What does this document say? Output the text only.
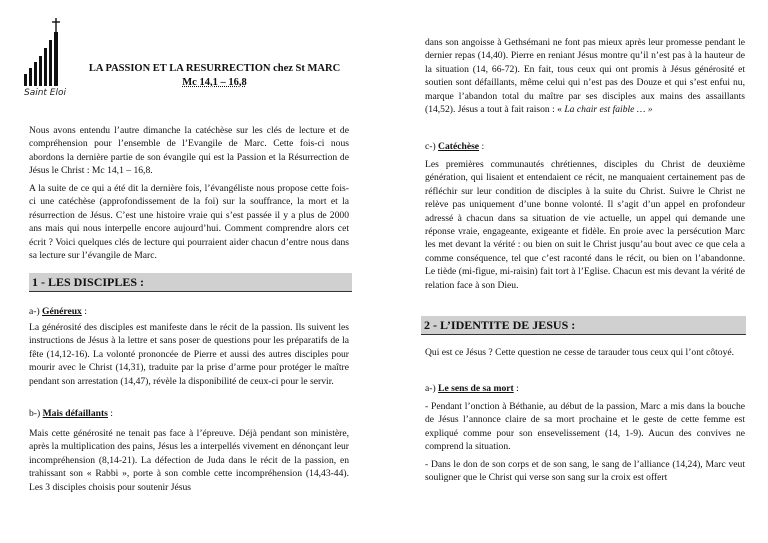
Saint Eloi
LA PASSION ET LA RESURRECTION chez St MARC
Mc 14,1 – 16,8

Nous avons entendu l’autre dimanche la catéchèse sur les clés de lecture et de compréhension pour l’ensemble de l’Evangile de Marc. Cette fois-ci nous abordons la dernière partie de son évangile qui est la Passion et la Résurrection de Jésus le Christ : Mc 14,1 – 16,8.

A la suite de ce qui a été dit la dernière fois, l’évangéliste nous propose cette fois-ci une catéchèse (approfondissement de la foi) sur la souffrance, la mort et la résurrection de Jésus. C’est une histoire vraie qui s’est passée il y a plus de 2000 ans mais qui nous interpelle encore aujourd’hui. Comment comprendre alors cet écrit ? Voici quelques clés de lecture qui pourraient aider chacun d’entre nous dans sa lecture sur l’évangile de Marc.

1 - LES DISCIPLES :

a-) Généreux :

La générosité des disciples est manifeste dans le récit de la passion. Ils suivent les instructions de Jésus à la lettre et sans poser de questions pour les préparatifs de la fête (14,12-16). La volonté prononcée de Pierre et aussi des autres disciples pour mourir avec le Christ (14,31), traduite par la prise d’arme pour protéger le maître pendant son arrestation (14,47), révèle la disponibilité de ceux-ci pour le servir.

b-) Mais défaillants :

Mais cette générosité ne tenait pas face à l’épreuve. Déjà pendant son ministère, après la multiplication des pains, Jésus les a interpellés vivement en dénonçant leur incompréhension (8,14-21). La défection de Juda dans le récit de la passion, en trahissant son « Rabbi », porte à son comble cette incompréhension (14,43-44). Les 3 disciples choisis pour soutenir Jésus

dans son angoisse à Gethsémani ne font pas mieux après leur promesse pendant le dernier repas (14,40). Pierre en reniant Jésus montre qu’il n’est pas à la hauteur de la situation (14, 66-72). En fait, tous ceux qui ont promis à Jésus générosité et soutien sont défaillants, même celui qui n’est pas des Douze et qui s’est enfui nu, marque l’abandon total du maître par ses disciples aux mains des assaillants (14,52). Jésus a tout à fait raison : « La chair est faible … »

c-) Catéchèse :

Les premières communautés chrétiennes, disciples du Christ de deuxième génération, qui lisaient et entendaient ce récit, ne manquaient certainement pas de réfléchir sur leur condition de disciples à la suite du Christ. Suivre le Christ ne relève pas uniquement d’une bonne volonté. Il s’agit d’un appel en profondeur adressé à chacun dans sa situation de vie actuelle, un appel qui demande une réponse vraie, engageante, exigeante et fidèle. En proie avec la persécution Marc les met devant la vérité : ou bien on suit le Christ jusqu’au bout avec ce que cela a comme conséquence, tel que c’est raconté dans le récit, ou bien on l’abandonne. Le tiède (mi-figue, mi-raisin) fait tort à l’Eglise. Chacun est mis devant la vérité de relation face à son Dieu.

2 - L’IDENTITE DE JESUS :

Qui est ce Jésus ? Cette question ne cesse de tarauder tous ceux qui l’ont côtoyé.

a-) Le sens de sa mort :

- Pendant l’onction à Béthanie, au début de la passion, Marc a mis dans la bouche de Jésus l’annonce claire de sa mort prochaine et le geste de cette femme est expliqué comme pour son ensevelissement (14, 1-9). Aucun des convives ne comprend la situation.

- Dans le don de son corps et de son sang, le sang de l’alliance (14,24), Marc veut souligner que le Christ qui verse son sang sur la croix est offert
